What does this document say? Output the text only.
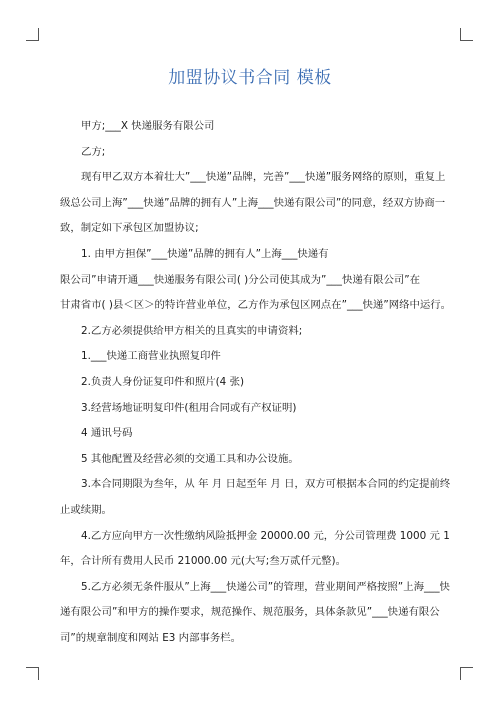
加盟协议书合同 模板

甲方;___X 快递服务有限公司

乙方;

现有甲乙双方本着壮大”___快递”品牌，完善”___快递”服务网络的原则，重复上

级总公司上海”___快递”品牌的拥有人”上海___快递有限公司”的同意，经双方协商一

致，制定如下承包区加盟协议;

1. 由甲方担保”___快递”品牌的拥有人”上海___快递有

限公司”申请开通___快递服务有限公司( )分公司使其成为”___快递有限公司”在

甘肃省市( )县＜区＞的特许营业单位，乙方作为承包区网点在”___快递”网络中运行。

2.乙方必须提供给甲方相关的且真实的申请资料;

1.___快递工商营业执照复印件

2.负责人身份证复印件和照片(4 张)

3.经营场地证明复印件(租用合同或有产权证明)

4 通讯号码

5 其他配置及经营必须的交通工具和办公设施。

3.本合同期限为叁年，从 年 月 日起至年 月 日，双方可根据本合同的约定提前终

止或续期。

4.乙方应向甲方一次性缴纳风险抵押金 20000.00 元，分公司管理费 1000 元 1

年，合计所有费用人民币 21000.00 元(大写;叁万贰仟元整)。

5.乙方必须无条件服从”上海___快递公司”的管理，营业期间严格按照”上海___快

递有限公司”和甲方的操作要求，规范操作、规范服务，具体条款见”___快递有限公

司”的规章制度和网站 E3 内部事务栏。
